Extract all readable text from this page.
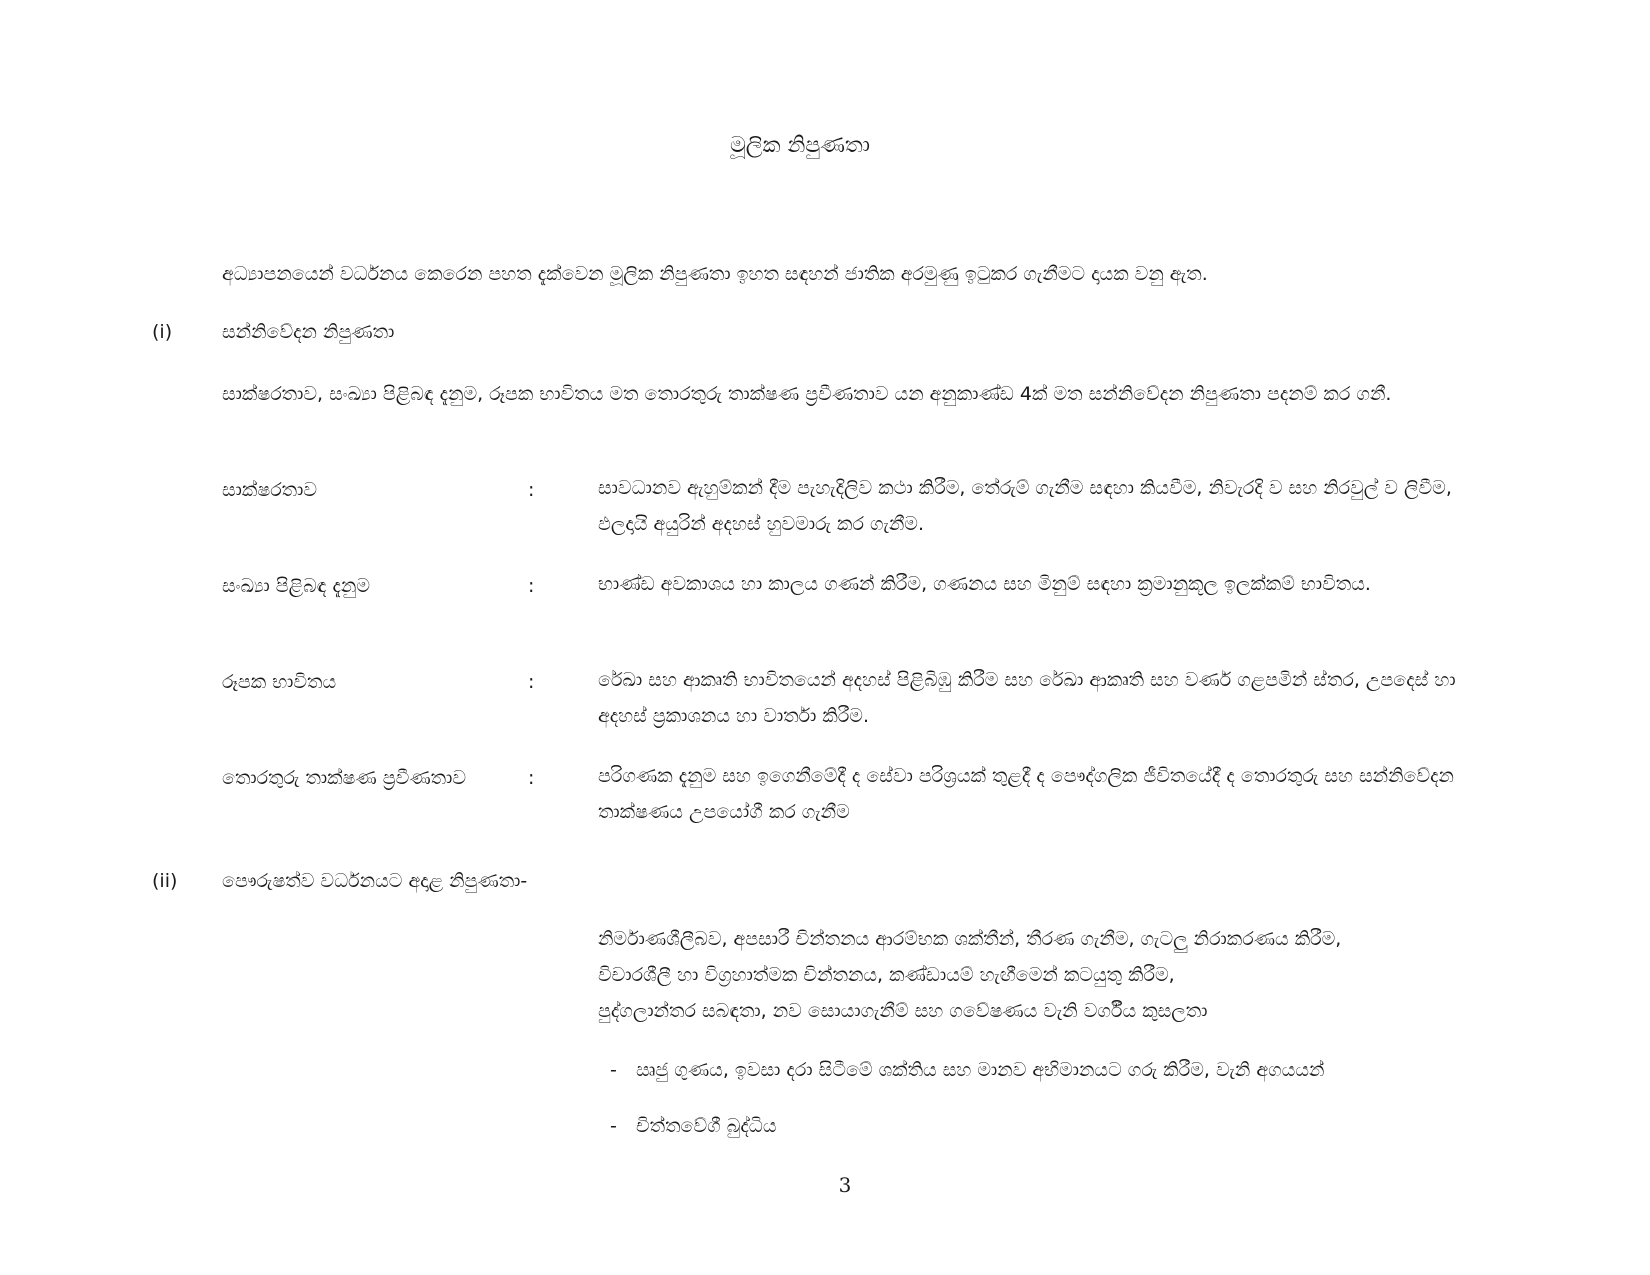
මූලික නිපුණතා
අධ්‍යාපනයෙන් වර්ධනය කෙරෙන පහත දැක්වෙන මූලික නිපුණතා ඉහත සඳහන් ජාතික අරමුණු ඉටුකර ගැනීමට දායක වනු ඇත.
(i)	සන්නිවේදන නිපුණතා
සාක්ෂරතාව, සංඛ්‍යා පිළිබඳ දැනුම, රූපක භාවිතය මත තොරතුරු තාක්ෂණ ප්‍රවීණතාව යන අනුකාණ්ඩ 4ක් මත සන්නිවේදන නිපුණතා පදනම් කර ගනී.
සාක්ෂරතාව	:	සාවධානව ඇහුම්කන් දීම පැහැදිලිව කථා කිරීම, තේරුම් ගැනීම සඳහා කියවීම, නිවැරදි ව සහ නිරවුල් ව ලිවීම, ඵලදායි අයුරින් අදහස් හුවමාරු කර ගැනීම.
සංඛ්‍යා පිළිබඳ දැනුම	:	භාණ්ඩ අවකාශය හා කාලය ගණන් කිරීම, ගණනය සහ මිනුම් සඳහා ක්‍රමානුකූල ඉලක්කම් භාවිතය.
රූපක භාවිතය	:	රේඛා සහ ආකෘති භාවිතයෙන් අදහස් පිළිබිඹු කිරීම සහ රේඛා ආකෘති සහ වර්ණ ගළපමින් ස්තර, උපදෙස් හා අදහස් ප්‍රකාශනය හා වාර්තා කිරීම.
තොරතුරු තාක්ෂණ ප්‍රවීණතාව	:	පරිගණක දැනුම සහ ඉගෙනීමේදී ද සේවා පරිශ්‍රයක් තුළදී ද පෞද්ගලික ජීවිතයේදී ද තොරතුරු සහ සන්නිවේදන තාක්ෂණය උපයෝගී කර ගැනීම
(ii) පෞරුෂත්ව වර්ධනයට අදාළ නිපුණතා-
නිර්මාණශීලීබව, අපසාරී චින්තනය ආරම්භක ශක්තීන්, තීරණ ගැනීම, ගැටලු නිරාකරණය කිරීම,
විචාරශීලී හා විග්‍රහාත්මක චින්තනය, කණ්ඩායම් හැඟීමෙන් කටයුතු කිරීම,
පුද්ගලාන්තර සබඳතා, නව සොයාගැනීම් සහ ගවේෂණය වැනි වර්ගීය කුසලතා
- ඍජු ගුණය, ඉවසා දරා සිටීමේ ශක්තිය සහ මානව අභිමානයට ගරු කිරීම, වැනි අගයයන්
- චිත්තවේගී බුද්ධිය
3
